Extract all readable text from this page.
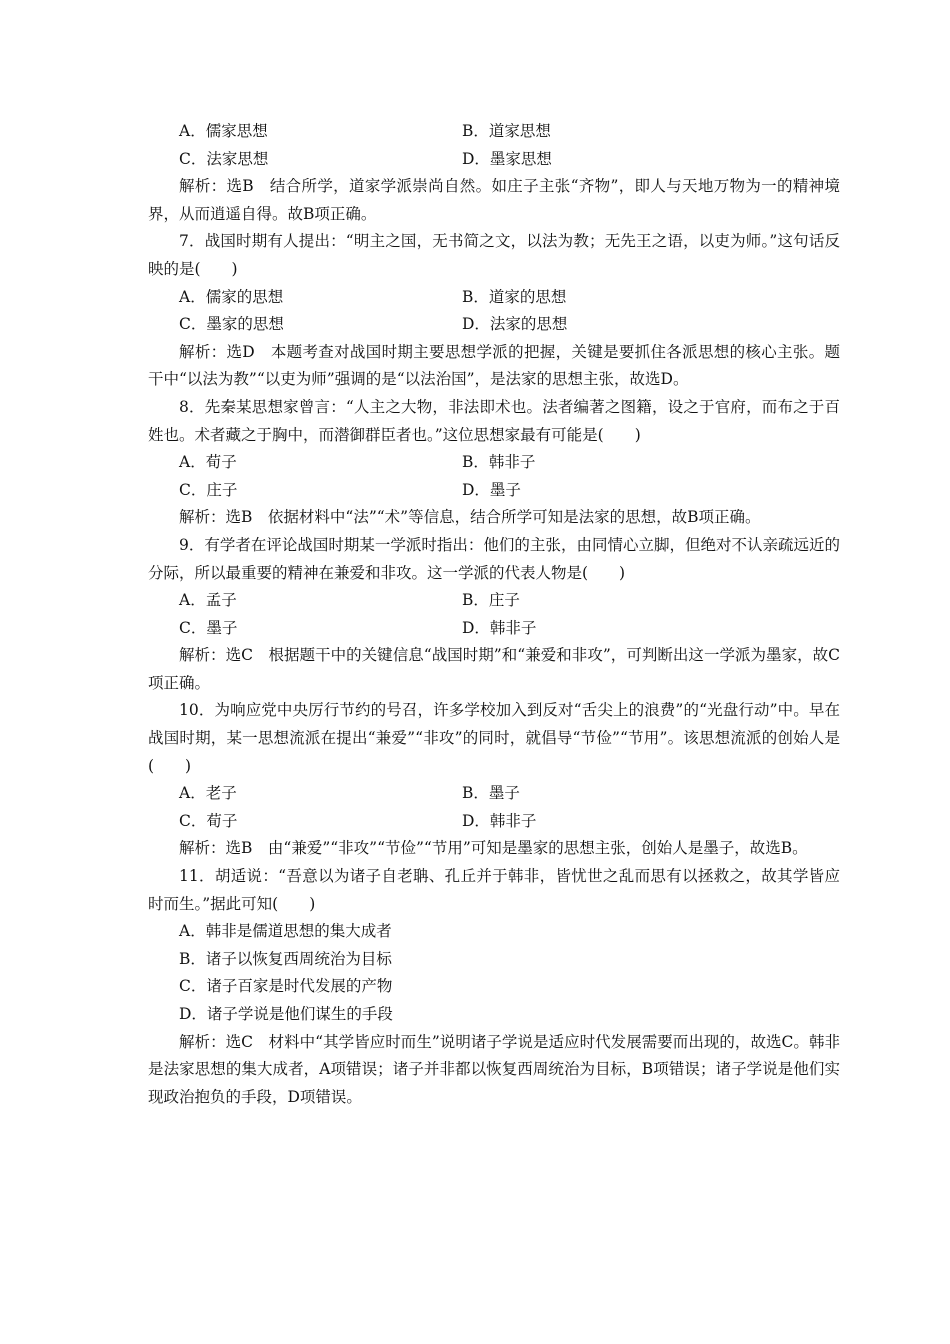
A．儒家思想	B．道家思想
C．法家思想	D．墨家思想

解析：选B　结合所学，道家学派崇尚自然。如庄子主张“齐物”，即人与天地万物为一的精神境界，从而逍遥自得。故B项正确。

7．战国时期有人提出：“明主之国，无书简之文，以法为教；无先王之语，以吏为师。”这句话反映的是(　　)

A．儒家的思想	B．道家的思想
C．墨家的思想	D．法家的思想

解析：选D　本题考查对战国时期主要思想学派的把握，关键是要抓住各派思想的核心主张。题干中“以法为教”“以吏为师”强调的是“以法治国”，是法家的思想主张，故选D。

8．先秦某思想家曾言：“人主之大物，非法即术也。法者编著之图籍，设之于官府，而布之于百姓也。术者藏之于胸中，而潜御群臣者也。”这位思想家最有可能是(　　)

A．荀子	B．韩非子
C．庄子	D．墨子

解析：选B　依据材料中“法”“术”等信息，结合所学可知是法家的思想，故B项正确。

9．有学者在评论战国时期某一学派时指出：他们的主张，由同情心立脚，但绝对不认亲疏远近的分际，所以最重要的精神在兼爱和非攻。这一学派的代表人物是(　　)

A．孟子	B．庄子
C．墨子	D．韩非子

解析：选C　根据题干中的关键信息“战国时期”和“兼爱和非攻”，可判断出这一学派为墨家，故C项正确。

10．为响应党中央厉行节约的号召，许多学校加入到反对“舌尖上的浪费”的“光盘行动”中。早在战国时期，某一思想流派在提出“兼爱”“非攻”的同时，就倡导“节俭”“节用”。该思想流派的创始人是(　　)

A．老子	B．墨子
C．荀子	D．韩非子

解析：选B　由“兼爱”“非攻”“节俭”“节用”可知是墨家的思想主张，创始人是墨子，故选B。

11．胡适说：“吾意以为诸子自老聃、孔丘并于韩非，皆忧世之乱而思有以拯救之，故其学皆应时而生。”据此可知(　　)

A．韩非是儒道思想的集大成者

B．诸子以恢复西周统治为目标

C．诸子百家是时代发展的产物

D．诸子学说是他们谋生的手段

解析：选C　材料中“其学皆应时而生”说明诸子学说是适应时代发展需要而出现的，故选C。韩非是法家思想的集大成者，A项错误；诸子并非都以恢复西周统治为目标，B项错误；诸子学说是他们实现政治抱负的手段，D项错误。
